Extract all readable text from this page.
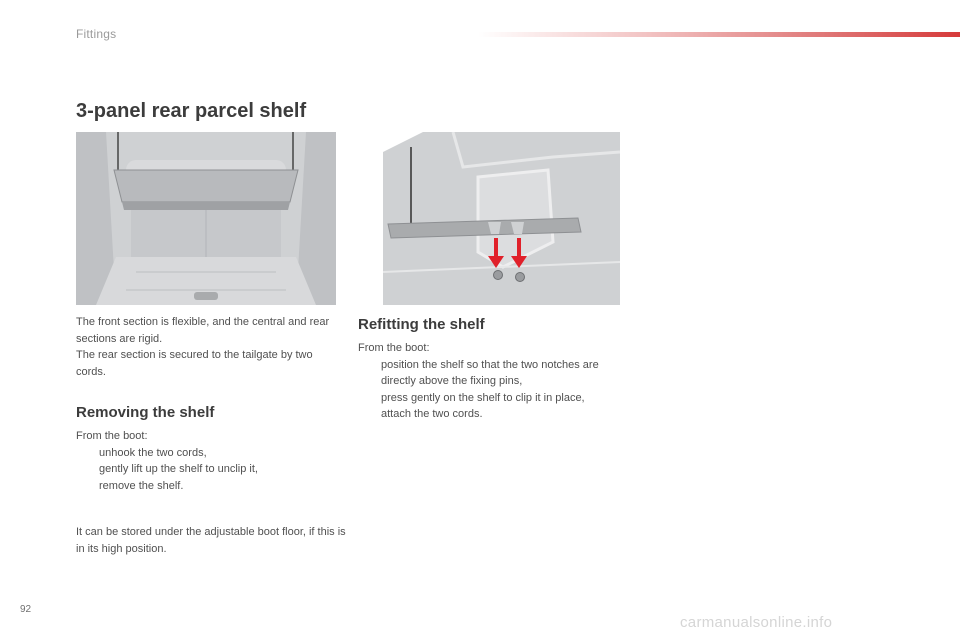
Fittings
3-panel rear parcel shelf

The front section is flexible, and the central and rear sections are rigid.

The rear section is secured to the tailgate by two cords.

Removing the shelf

From the boot:

unhook the two cords,
gently lift up the shelf to unclip it,
remove the shelf.

It can be stored under the adjustable boot floor, if this is in its high position.

Refitting the shelf

From the boot:

position the shelf so that the two notches are directly above the fixing pins,
press gently on the shelf to clip it in place,
attach the two cords.
92
carmanualsonline.info
